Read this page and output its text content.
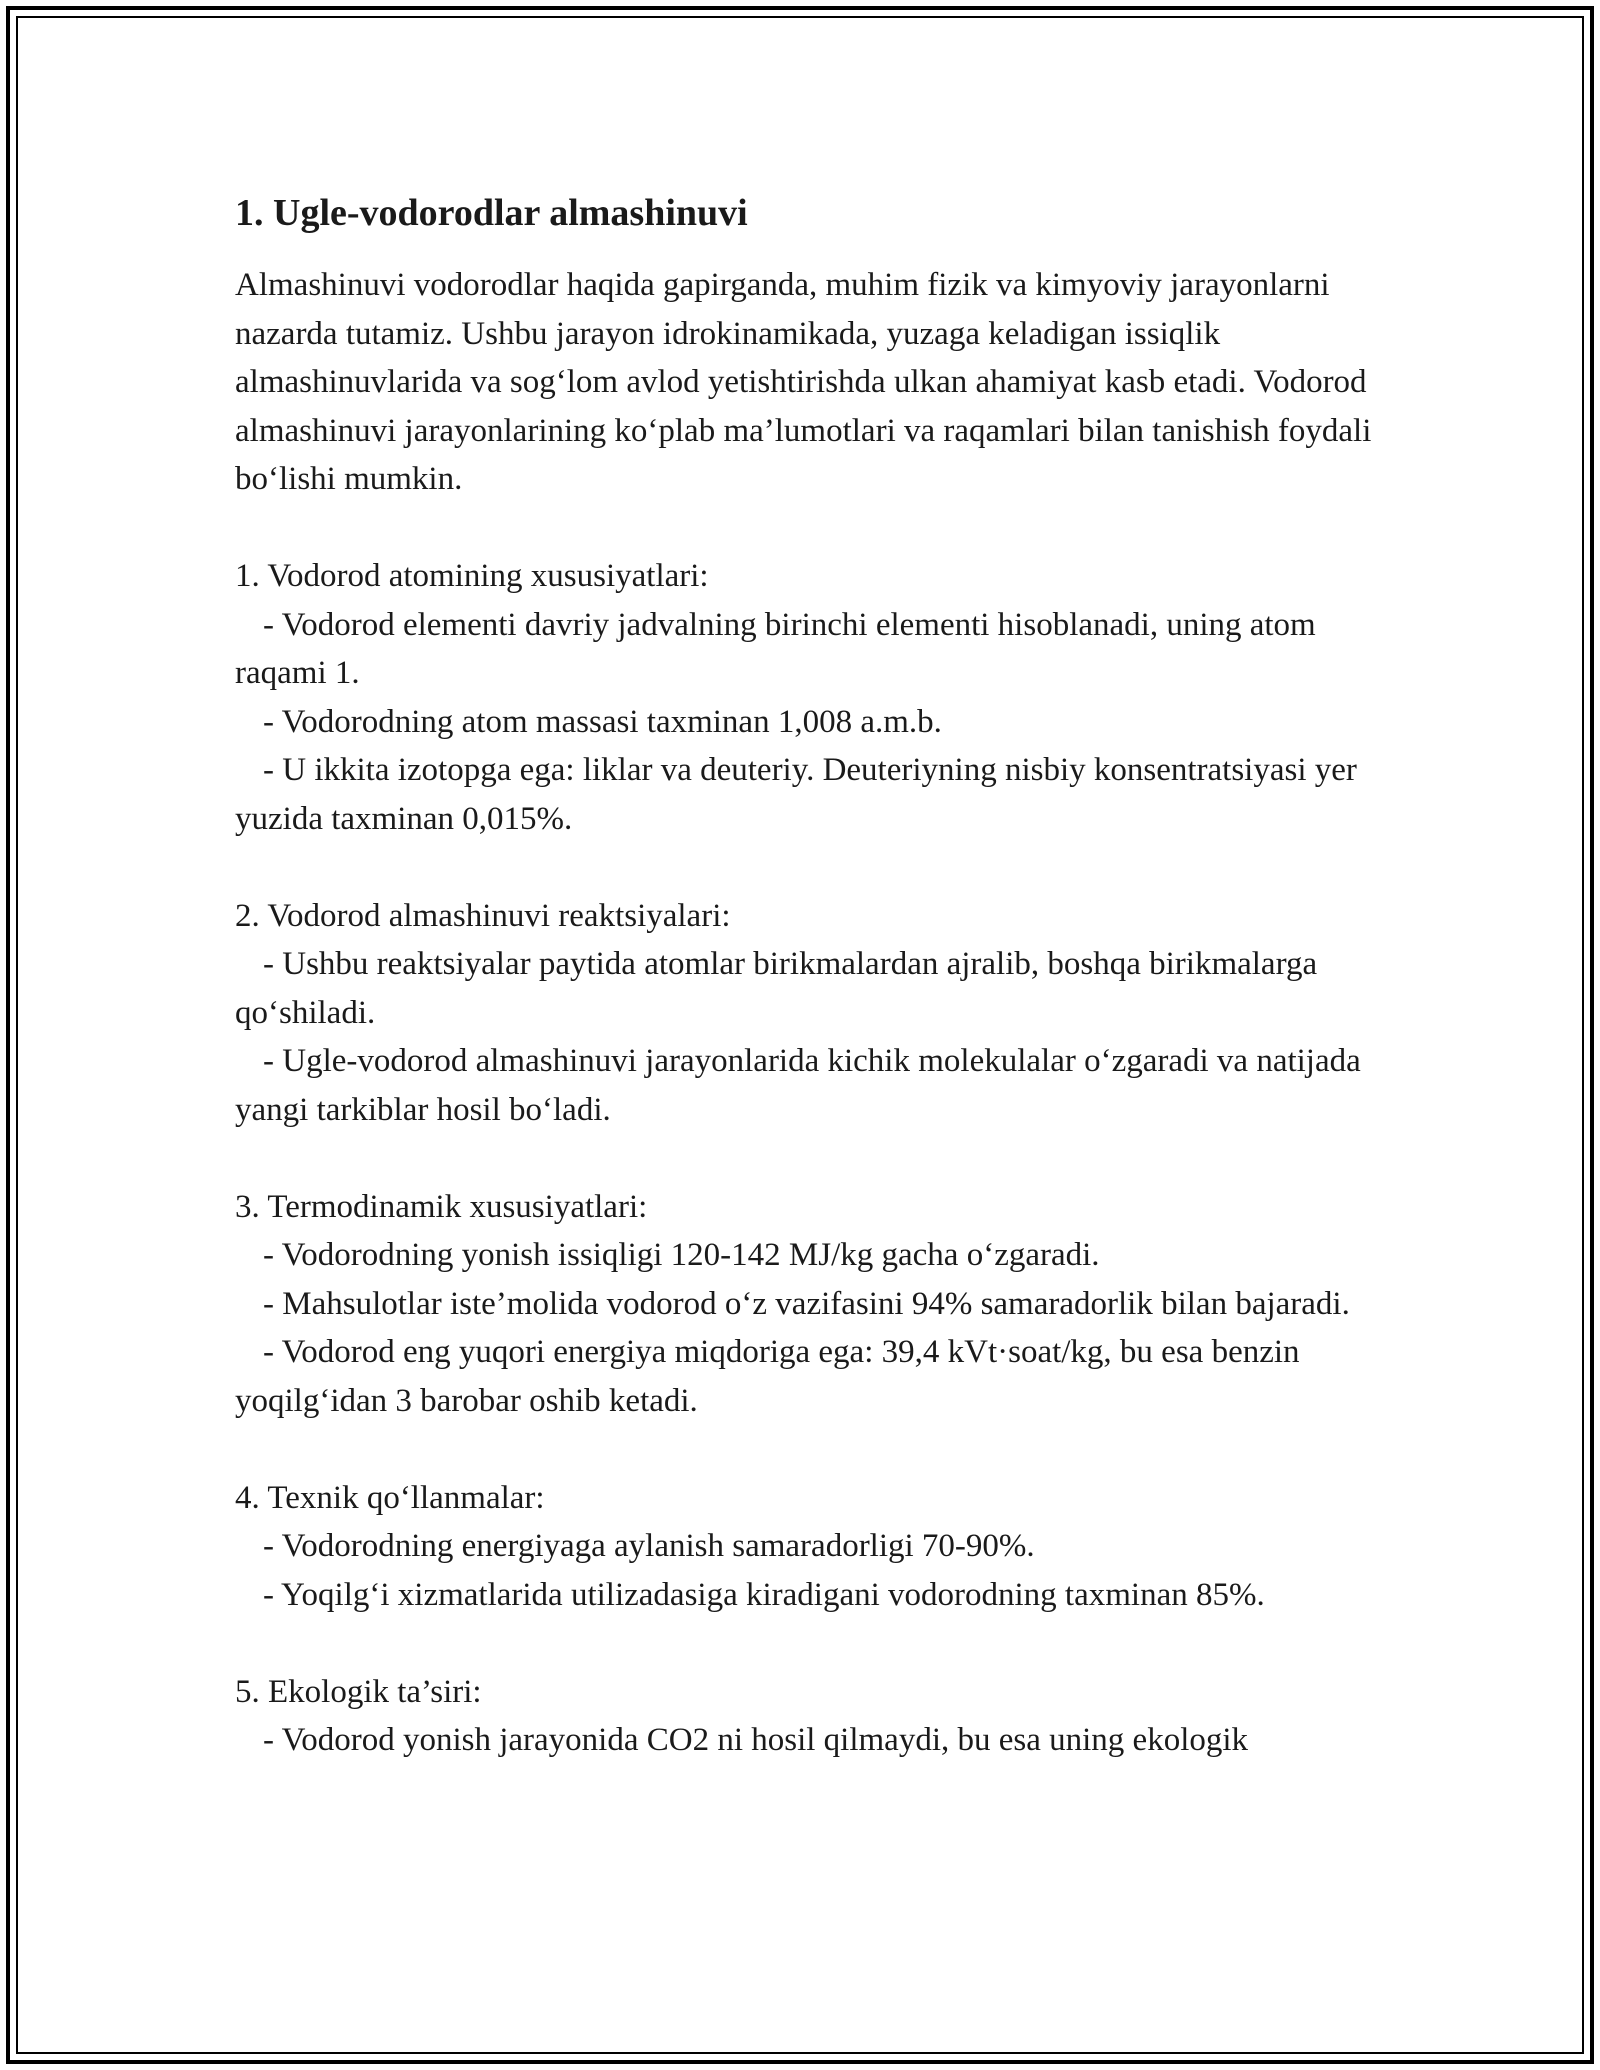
1. Ugle-vodorodlar almashinuvi

Almashinuvi vodorodlar haqida gapirganda, muhim fizik va kimyoviy jarayonlarni nazarda tutamiz. Ushbu jarayon idrokinamikada, yuzaga keladigan issiqlik almashinuvlarida va sog‘lom avlod yetishtirishda ulkan ahamiyat kasb etadi. Vodorod almashinuvi jarayonlarining ko‘plab ma’lumotlari va raqamlari bilan tanishish foydali bo‘lishi mumkin.

1. Vodorod atomining xususiyatlari:

- Vodorod elementi davriy jadvalning birinchi elementi hisoblanadi, uning atom raqami 1.

- Vodorodning atom massasi taxminan 1,008 a.m.b.

- U ikkita izotopga ega: liklar va deuteriy. Deuteriyning nisbiy konsentratsiyasi yer yuzida taxminan 0,015%.

2. Vodorod almashinuvi reaktsiyalari:

- Ushbu reaktsiyalar paytida atomlar birikmalardan ajralib, boshqa birikmalarga qo‘shiladi.

- Ugle-vodorod almashinuvi jarayonlarida kichik molekulalar o‘zgaradi va natijada yangi tarkiblar hosil bo‘ladi.

3. Termodinamik xususiyatlari:

- Vodorodning yonish issiqligi 120-142 MJ/kg gacha o‘zgaradi.

- Mahsulotlar iste’molida vodorod o‘z vazifasini 94% samaradorlik bilan bajaradi.

- Vodorod eng yuqori energiya miqdoriga ega: 39,4 kVt·soat/kg, bu esa benzin yoqilg‘idan 3 barobar oshib ketadi.

4. Texnik qo‘llanmalar:

- Vodorodning energiyaga aylanish samaradorligi 70-90%.

- Yoqilg‘i xizmatlarida utilizadasiga kiradigani vodorodning taxminan 85%.

5. Ekologik ta’siri:

- Vodorod yonish jarayonida CO2 ni hosil qilmaydi, bu esa uning ekologik
